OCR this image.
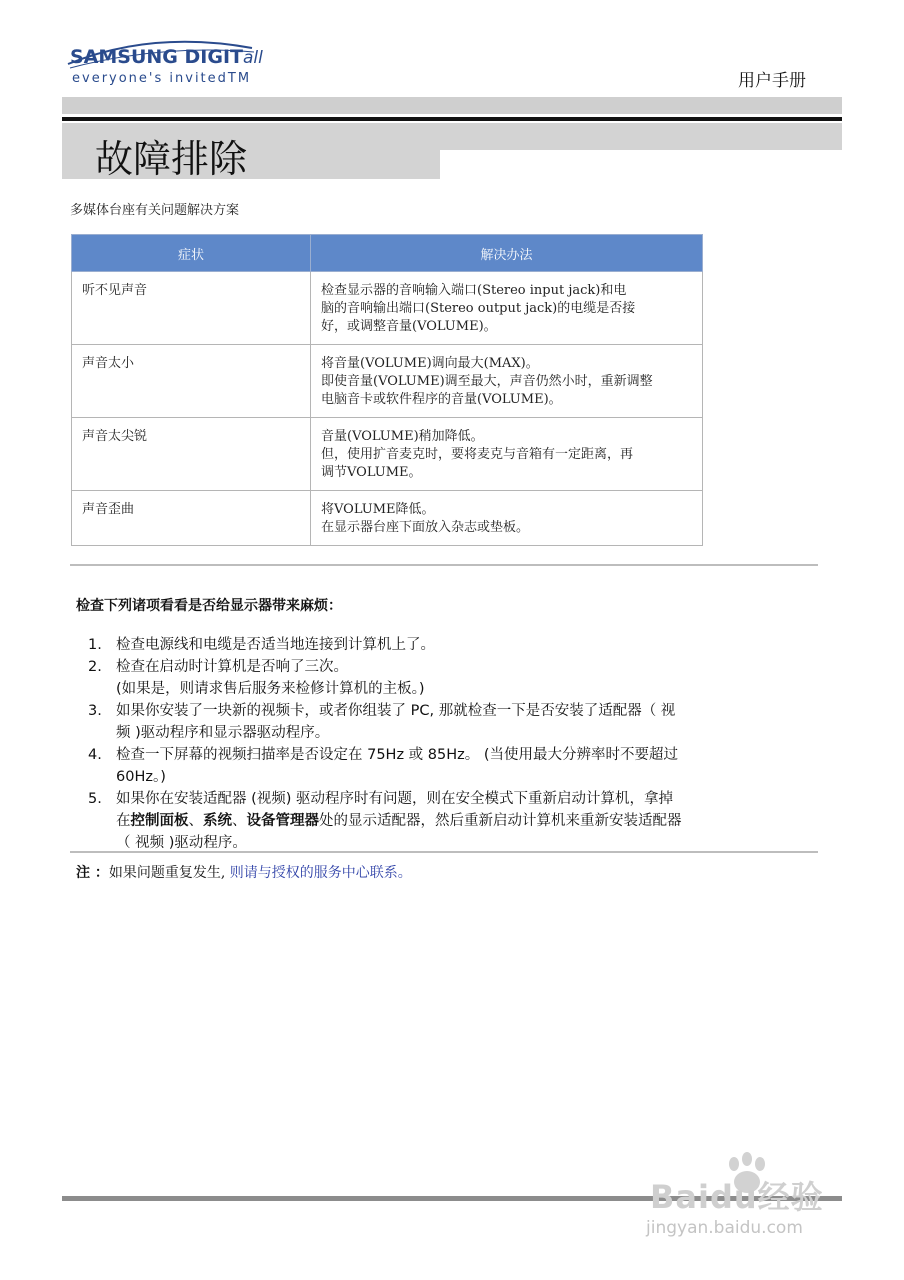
SAMSUNG DIGITall
everyone's invitedTM	用户手册
故障排除
多媒体台座有关问题解决方案
症状	解决办法
听不见声音	检查显示器的音响输入端口(Stereo input jack)和电
脑的音响输出端口(Stereo output jack)的电缆是否接
好，或调整音量(VOLUME)。

声音太小	将音量(VOLUME)调向最大(MAX)。
即使音量(VOLUME)调至最大，声音仍然小时，重新调整
电脑音卡或软件程序的音量(VOLUME)。

声音太尖锐	音量(VOLUME)稍加降低。
但，使用扩音麦克时，要将麦克与音箱有一定距离，再
调节VOLUME。

声音歪曲	将VOLUME降低。
在显示器台座下面放入杂志或垫板。
检查下列诸项看看是否给显示器带来麻烦：
1. 检查电源线和电缆是否适当地连接到计算机上了。
2. 检查在启动时计算机是否响了三次。
(如果是，则请求售后服务来检修计算机的主板。)
3. 如果你安装了一块新的视频卡，或者你组装了 PC, 那就检查一下是否安装了适配器（ 视
频 )驱动程序和显示器驱动程序。
4. 检查一下屏幕的视频扫描率是否设定在 75Hz 或 85Hz。 (当使用最大分辨率时不要超过
60Hz。)
5. 如果你在安装适配器 (视频) 驱动程序时有问题，则在安全模式下重新启动计算机，拿掉
在控制面板、系统、设备管理器处的显示适配器，然后重新启动计算机来重新安装适配器
（ 视频 )驱动程序。
注 ：如果问题重复发生, 则请与授权的服务中心联系。
Baidu经验
jingyan.baidu.com
